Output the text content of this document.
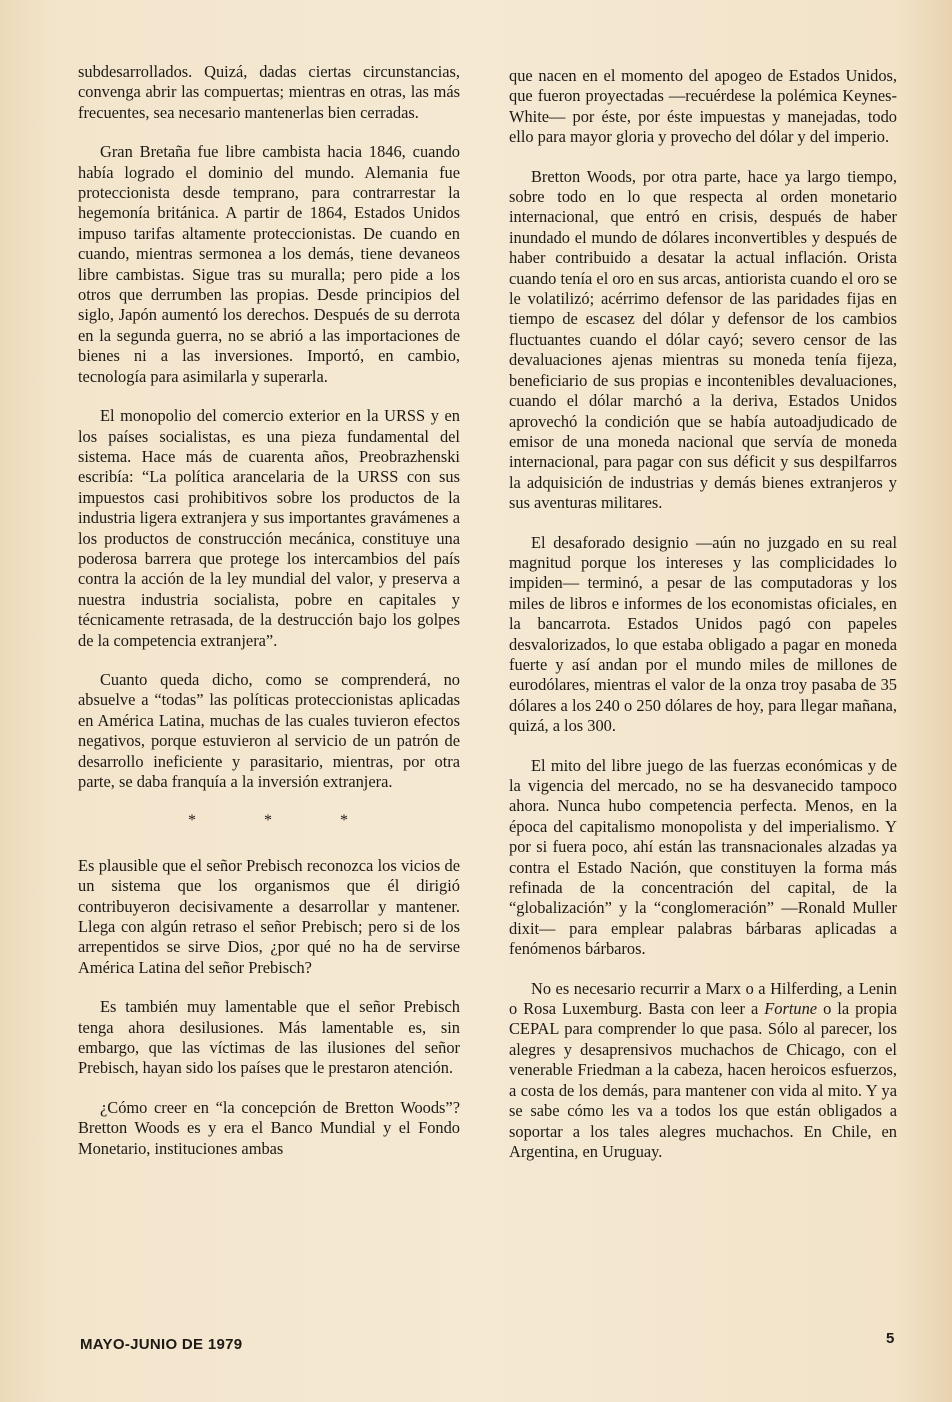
subdesarrollados. Quizá, dadas ciertas circunstancias, convenga abrir las compuertas; mientras en otras, las más frecuentes, sea necesario mantenerlas bien cerradas.

Gran Bretaña fue libre cambista hacia 1846, cuando había logrado el dominio del mundo. Alemania fue proteccionista desde temprano, para contrarrestar la hegemonía británica. A partir de 1864, Estados Unidos impuso tarifas altamente proteccionistas. De cuando en cuando, mientras sermonea a los demás, tiene devaneos libre cambistas. Sigue tras su muralla; pero pide a los otros que derrumben las propias. Desde principios del siglo, Japón aumentó los derechos. Después de su derrota en la segunda guerra, no se abrió a las importaciones de bienes ni a las inversiones. Importó, en cambio, tecnología para asimilarla y superarla.

El monopolio del comercio exterior en la URSS y en los países socialistas, es una pieza fundamental del sistema. Hace más de cuarenta años, Preobrazhenski escribía: “La política arancelaria de la URSS con sus impuestos casi prohibitivos sobre los productos de la industria ligera extranjera y sus importantes gravámenes a los productos de construcción mecánica, constituye una poderosa barrera que protege los intercambios del país contra la acción de la ley mundial del valor, y preserva a nuestra industria socialista, pobre en capitales y técnicamente retrasada, de la destrucción bajo los golpes de la competencia extranjera”.

Cuanto queda dicho, como se comprenderá, no absuelve a “todas” las políticas proteccionistas aplicadas en América Latina, muchas de las cuales tuvieron efectos negativos, porque estuvieron al servicio de un patrón de desarrollo ineficiente y parasitario, mientras, por otra parte, se daba franquía a la inversión extranjera.

* * *

Es plausible que el señor Prebisch reconozca los vicios de un sistema que los organismos que él dirigió contribuyeron decisivamente a desarrollar y mantener. Llega con algún retraso el señor Prebisch; pero si de los arrepentidos se sirve Dios, ¿por qué no ha de servirse América Latina del señor Prebisch?

Es también muy lamentable que el señor Prebisch tenga ahora desilusiones. Más lamentable es, sin embargo, que las víctimas de las ilusiones del señor Prebisch, hayan sido los países que le prestaron atención.

¿Cómo creer en “la concepción de Bretton Woods”? Bretton Woods es y era el Banco Mundial y el Fondo Monetario, instituciones ambas

que nacen en el momento del apogeo de Estados Unidos, que fueron proyectadas —recuérdese la polémica Keynes-White— por éste, por éste impuestas y manejadas, todo ello para mayor gloria y provecho del dólar y del imperio.

Bretton Woods, por otra parte, hace ya largo tiempo, sobre todo en lo que respecta al orden monetario internacional, que entró en crisis, después de haber inundado el mundo de dólares inconvertibles y después de haber contribuido a desatar la actual inflación. Orista cuando tenía el oro en sus arcas, antiorista cuando el oro se le volatilizó; acérrimo defensor de las paridades fijas en tiempo de escasez del dólar y defensor de los cambios fluctuantes cuando el dólar cayó; severo censor de las devaluaciones ajenas mientras su moneda tenía fijeza, beneficiario de sus propias e incontenibles devaluaciones, cuando el dólar marchó a la deriva, Estados Unidos aprovechó la condición que se había autoadjudicado de emisor de una moneda nacional que servía de moneda internacional, para pagar con sus déficit y sus despilfarros la adquisición de industrias y demás bienes extranjeros y sus aventuras militares.

El desaforado designio —aún no juzgado en su real magnitud porque los intereses y las complicidades lo impiden— terminó, a pesar de las computadoras y los miles de libros e informes de los economistas oficiales, en la bancarrota. Estados Unidos pagó con papeles desvalorizados, lo que estaba obligado a pagar en moneda fuerte y así andan por el mundo miles de millones de eurodólares, mientras el valor de la onza troy pasaba de 35 dólares a los 240 o 250 dólares de hoy, para llegar mañana, quizá, a los 300.

El mito del libre juego de las fuerzas económicas y de la vigencia del mercado, no se ha desvanecido tampoco ahora. Nunca hubo competencia perfecta. Menos, en la época del capitalismo monopolista y del imperialismo. Y por si fuera poco, ahí están las transnacionales alzadas ya contra el Estado Nación, que constituyen la forma más refinada de la concentración del capital, de la “globalización” y la “conglomeración” —Ronald Muller dixit— para emplear palabras bárbaras aplicadas a fenómenos bárbaros.

No es necesario recurrir a Marx o a Hilferding, a Lenin o Rosa Luxemburg. Basta con leer a Fortune o la propia CEPAL para comprender lo que pasa. Sólo al parecer, los alegres y desaprensivos muchachos de Chicago, con el venerable Friedman a la cabeza, hacen heroicos esfuerzos, a costa de los demás, para mantener con vida al mito. Y ya se sabe cómo les va a todos los que están obligados a soportar a los tales alegres muchachos. En Chile, en Argentina, en Uruguay.

MAYO-JUNIO DE 1979	5
